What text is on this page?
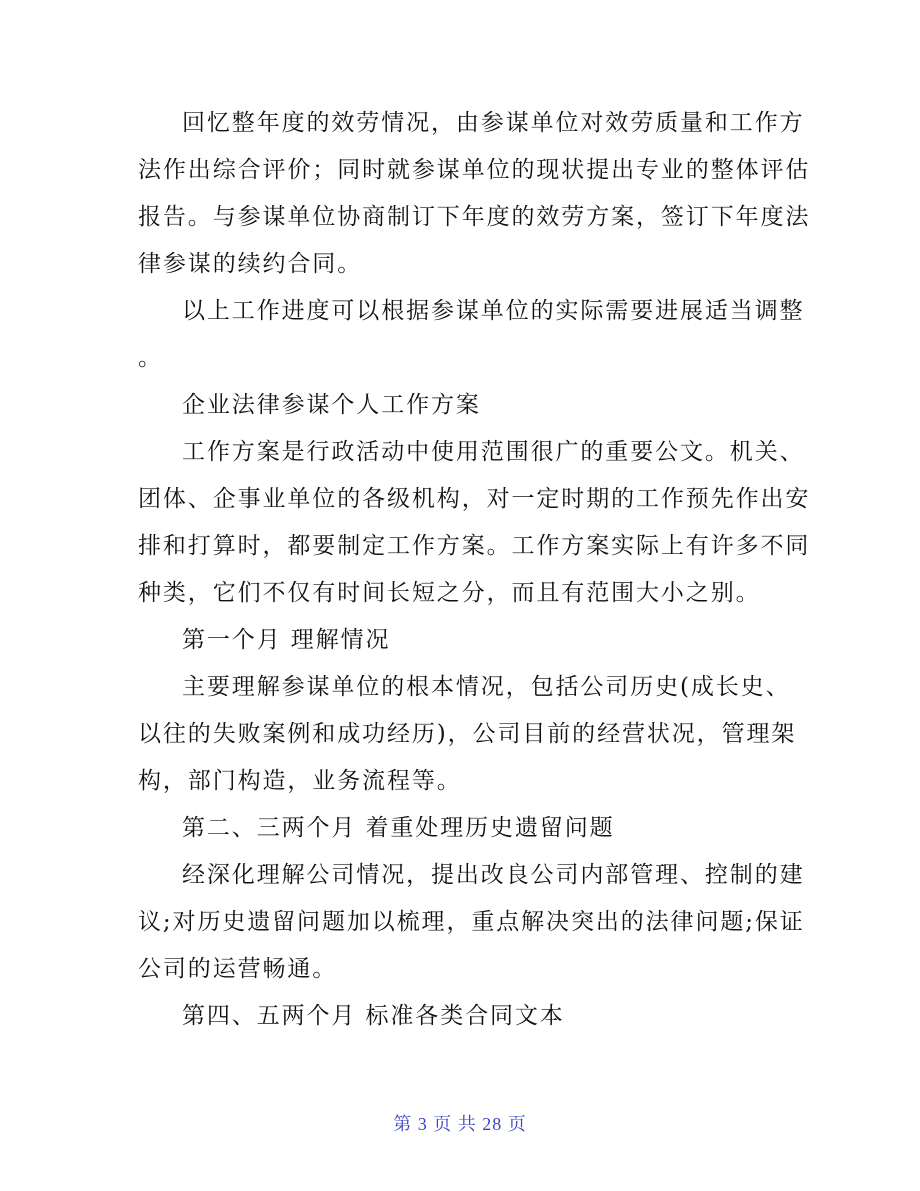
回忆整年度的效劳情况，由参谋单位对效劳质量和工作方
法作出综合评价；同时就参谋单位的现状提出专业的整体评估
报告。与参谋单位协商制订下年度的效劳方案，签订下年度法
律参谋的续约合同。
以上工作进度可以根据参谋单位的实际需要进展适当调整
。
企业法律参谋个人工作方案
工作方案是行政活动中使用范围很广的重要公文。机关、
团体、企事业单位的各级机构，对一定时期的工作预先作出安
排和打算时，都要制定工作方案。工作方案实际上有许多不同
种类，它们不仅有时间长短之分，而且有范围大小之别。
第一个月 理解情况
主要理解参谋单位的根本情况，包括公司历史(成长史、
以往的失败案例和成功经历)，公司目前的经营状况，管理架
构，部门构造，业务流程等。
第二、三两个月 着重处理历史遗留问题
经深化理解公司情况，提出改良公司内部管理、控制的建
议;对历史遗留问题加以梳理，重点解决突出的法律问题;保证
公司的运营畅通。
第四、五两个月 标准各类合同文本
第 3 页 共 28 页
